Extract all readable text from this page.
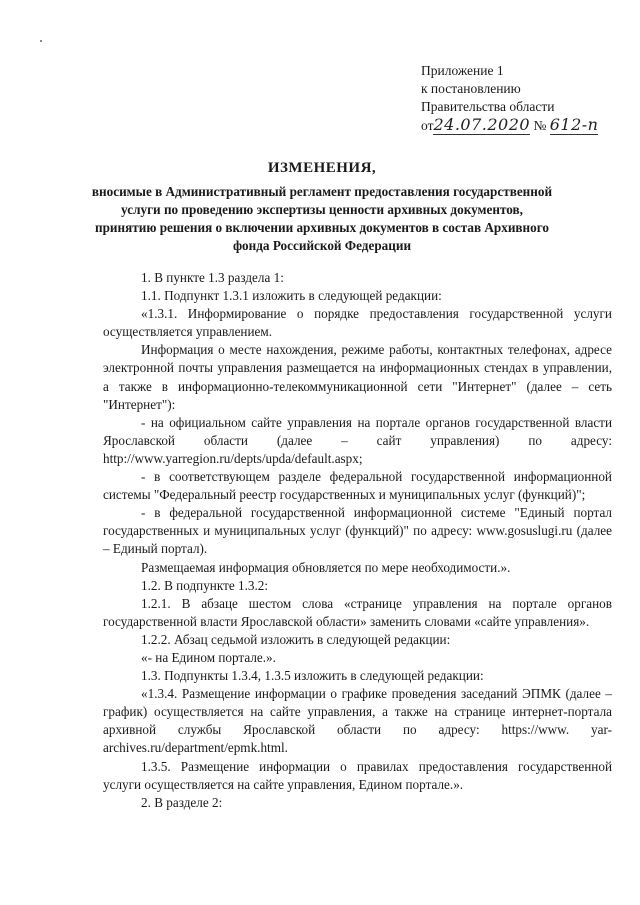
Приложение 1
к постановлению
Правительства области
от24.07.2020 № 612-п
ИЗМЕНЕНИЯ,
вносимые в Административный регламент предоставления государственной услуги по проведению экспертизы ценности архивных документов, принятию решения о включении архивных документов в состав Архивного фонда Российской Федерации

1. В пункте 1.3 раздела 1:

1.1. Подпункт 1.3.1 изложить в следующей редакции:

«1.3.1. Информирование о порядке предоставления государственной услуги осуществляется управлением.

Информация о месте нахождения, режиме работы, контактных телефонах, адресе электронной почты управления размещается на информационных стендах в управлении, а также в информационно-телекоммуникационной сети "Интернет" (далее – сеть "Интернет"):

- на официальном сайте управления на портале органов государственной власти Ярославской области (далее – сайт управления) по адресу: http://www.yarregion.ru/depts/upda/default.aspx;

- в соответствующем разделе федеральной государственной информационной системы "Федеральный реестр государственных и муниципальных услуг (функций)";

- в федеральной государственной информационной системе "Единый портал государственных и муниципальных услуг (функций)" по адресу: www.gosuslugi.ru (далее – Единый портал).

Размещаемая информация обновляется по мере необходимости.».

1.2. В подпункте 1.3.2:

1.2.1. В абзаце шестом слова «странице управления на портале органов государственной власти Ярославской области» заменить словами «сайте управления».

1.2.2. Абзац седьмой изложить в следующей редакции:

«- на Едином портале.».

1.3. Подпункты 1.3.4, 1.3.5 изложить в следующей редакции:

«1.3.4. Размещение информации о графике проведения заседаний ЭПМК (далее – график) осуществляется на сайте управления, а также на странице интернет-портала архивной службы Ярославской области по адресу: https://www. yar-archives.ru/department/epmk.html.

1.3.5. Размещение информации о правилах предоставления государственной услуги осуществляется на сайте управления, Едином портале.».

2. В разделе 2:
